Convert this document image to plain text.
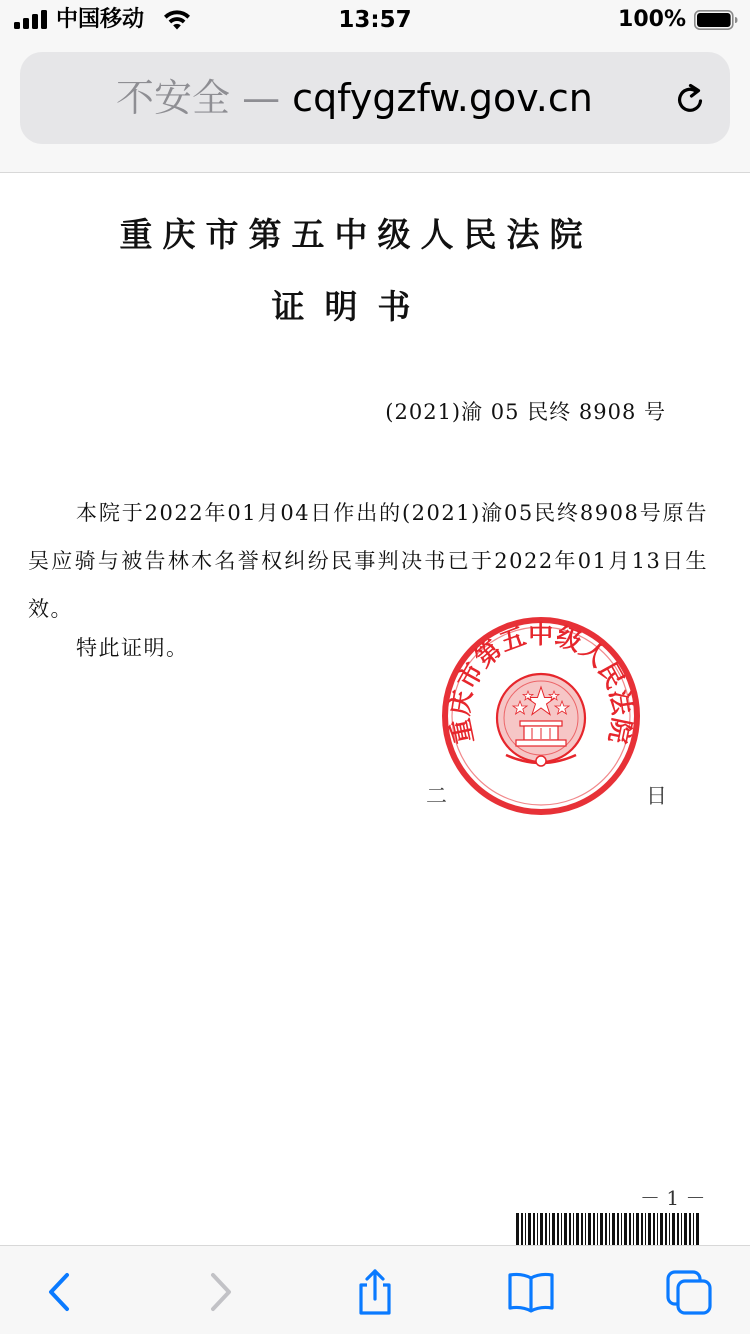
中国移动	13:57	100%
不安全 — cqfygzfw.gov.cn
重庆市第五中级人民法院
证明书
(2021)渝 05 民终 8908 号

本院于2022年01月04日作出的(2021)渝05民终8908号原告吴应骑与被告林木名誉权纠纷民事判决书已于2022年01月13日生效。

特此证明。
二	日
重庆市第五中级人民法院
－ 1 －
